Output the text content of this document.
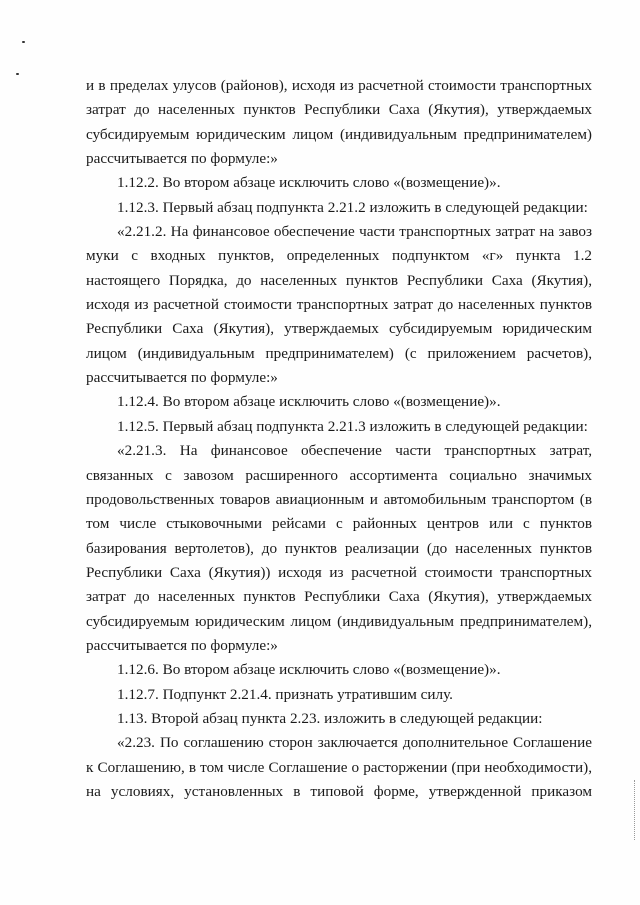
и в пределах улусов (районов), исходя из расчетной стоимости транспортных
затрат до населенных пунктов Республики Саха (Якутия), утверждаемых
субсидируемым юридическим лицом (индивидуальным предпринимателем)
рассчитывается по формуле:»
1.12.2. Во втором абзаце исключить слово «(возмещение)».
1.12.3. Первый абзац подпункта 2.21.2 изложить в следующей редакции:
«2.21.2. На финансовое обеспечение части транспортных затрат на завоз
муки с входных пунктов, определенных подпунктом «г» пункта 1.2
настоящего Порядка, до населенных пунктов Республики Саха (Якутия),
исходя из расчетной стоимости транспортных затрат до населенных пунктов
Республики Саха (Якутия), утверждаемых субсидируемым юридическим
лицом (индивидуальным предпринимателем) (с приложением расчетов),
рассчитывается по формуле:»
1.12.4. Во втором абзаце исключить слово «(возмещение)».
1.12.5. Первый абзац подпункта 2.21.3 изложить в следующей редакции:
«2.21.3. На финансовое обеспечение части транспортных затрат,
связанных с завозом расширенного ассортимента социально значимых
продовольственных товаров авиационным и автомобильным транспортом (в
том числе стыковочными рейсами с районных центров или с пунктов
базирования вертолетов), до пунктов реализации (до населенных пунктов
Республики Саха (Якутия)) исходя из расчетной стоимости транспортных
затрат до населенных пунктов Республики Саха (Якутия), утверждаемых
субсидируемым юридическим лицом (индивидуальным предпринимателем),
рассчитывается по формуле:»
1.12.6. Во втором абзаце исключить слово «(возмещение)».
1.12.7. Подпункт 2.21.4. признать утратившим силу.
1.13. Второй абзац пункта 2.23. изложить в следующей редакции:
«2.23. По соглашению сторон заключается дополнительное Соглашение
к Соглашению, в том числе Соглашение о расторжении (при необходимости),
на условиях, установленных в типовой форме, утвержденной приказом
